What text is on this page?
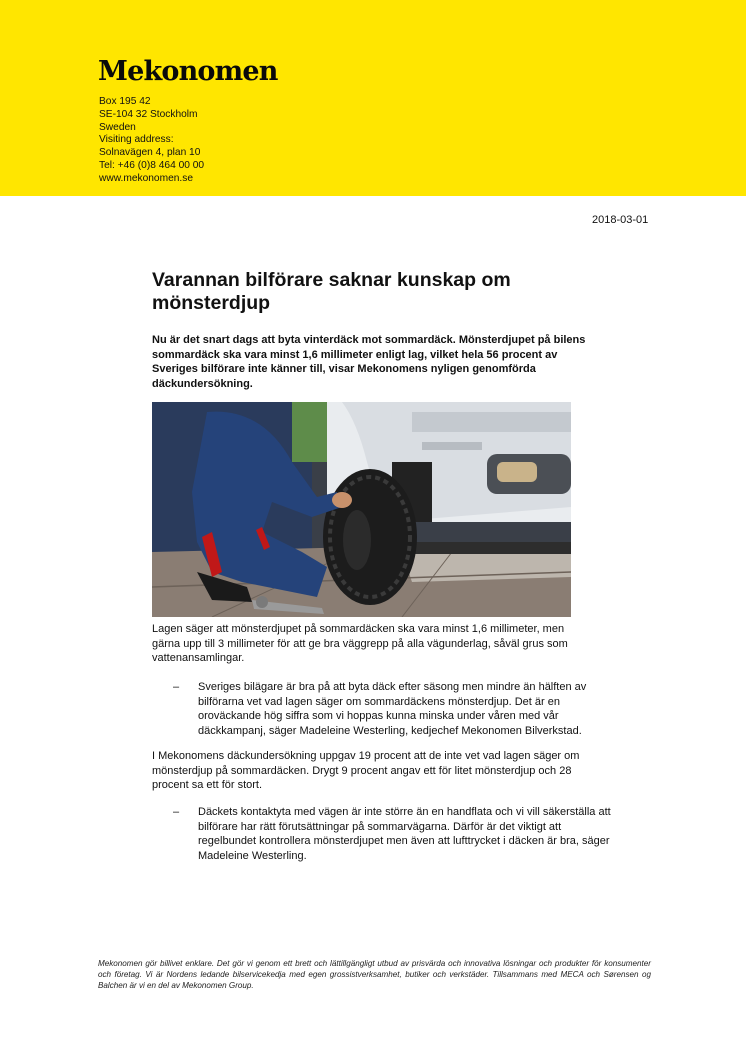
Mekonomen
Box 195 42
SE-104 32 Stockholm
Sweden
Visiting address:
Solnavägen 4, plan 10
Tel: +46 (0)8 464 00 00
www.mekonomen.se
2018-03-01
Varannan bilförare saknar kunskap om mönsterdjup

Nu är det snart dags att byta vinterdäck mot sommardäck. Mönsterdjupet på bilens sommardäck ska vara minst 1,6 millimeter enligt lag, vilket hela 56 procent av Sveriges bilförare inte känner till, visar Mekonomens nyligen genomförda däckundersökning.

Lagen säger att mönsterdjupet på sommardäcken ska vara minst 1,6 millimeter, men gärna upp till 3 millimeter för att ge bra väggrepp på alla vägunderlag, såväl grus som vattenansamlingar.

– Sveriges bilägare är bra på att byta däck efter säsong men mindre än hälften av bilförarna vet vad lagen säger om sommardäckens mönsterdjup. Det är en oroväckande hög siffra som vi hoppas kunna minska under våren med vår däckkampanj, säger Madeleine Westerling, kedjechef Mekonomen Bilverkstad.

I Mekonomens däckundersökning uppgav 19 procent att de inte vet vad lagen säger om mönsterdjup på sommardäcken. Drygt 9 procent angav ett för litet mönsterdjup och 28 procent sa ett för stort.

– Däckets kontaktyta med vägen är inte större än en handflata och vi vill säkerställa att bilförare har rätt förutsättningar på sommarvägarna. Därför är det viktigt att regelbundet kontrollera mönsterdjupet men även att lufttrycket i däcken är bra, säger Madeleine Westerling.

Mekonomen gör billivet enklare. Det gör vi genom ett brett och lättillgängligt utbud av prisvärda och innovativa lösningar och produkter för konsumenter och företag. Vi är Nordens ledande bilservicekedja med egen grossistverksamhet, butiker och verkstäder. Tillsammans med MECA och Sørensen og Balchen är vi en del av Mekonomen Group.
